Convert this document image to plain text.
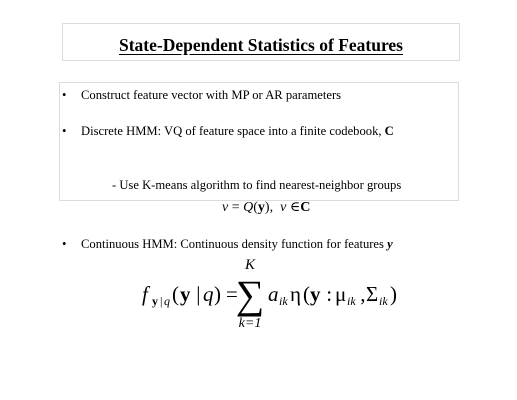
State-Dependent Statistics of Features
• Construct feature vector with MP or AR parameters
• Discrete HMM: VQ of feature space into a finite codebook, C
- Use K-means algorithm to find nearest-neighbor groups
v = Q(y), v ∈C
• Continuous HMM: Continuous density function for features y
f y | q ( y |
q ) =
K
∑
k=1
a ik η ( y :
μ ik , Σ ik )
